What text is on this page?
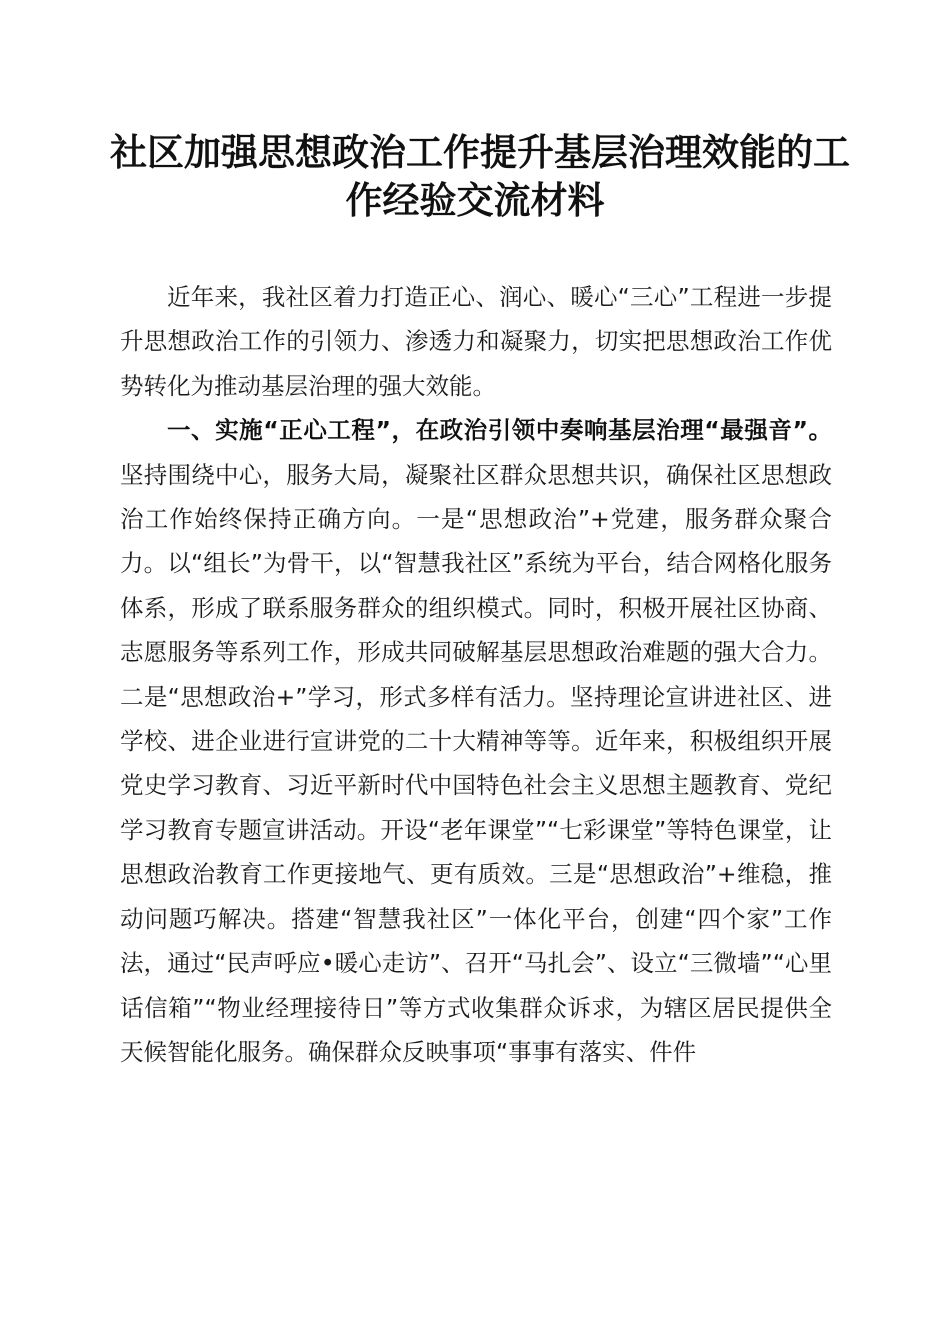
社区加强思想政治工作提升基层治理效能的工
作经验交流材料

近年来，我社区着力打造正心、润心、暖心“三心”工程进一步提升思想政治工作的引领力、渗透力和凝聚力，切实把思想政治工作优势转化为推动基层治理的强大效能。

一、实施“正心工程”，在政治引领中奏响基层治理“最强音”。坚持围绕中心，服务大局，凝聚社区群众思想共识，确保社区思想政治工作始终保持正确方向。一是“思想政治”+党建，服务群众聚合力。以“组长”为骨干，以“智慧我社区”系统为平台，结合网格化服务体系，形成了联系服务群众的组织模式。同时，积极开展社区协商、志愿服务等系列工作，形成共同破解基层思想政治难题的强大合力。二是“思想政治+”学习，形式多样有活力。坚持理论宣讲进社区、进学校、进企业进行宣讲党的二十大精神等等。近年来，积极组织开展党史学习教育、习近平新时代中国特色社会主义思想主题教育、党纪学习教育专题宣讲活动。开设“老年课堂”“七彩课堂”等特色课堂，让思想政治教育工作更接地气、更有质效。三是“思想政治”+维稳，推动问题巧解决。搭建“智慧我社区”一体化平台，创建“四个家”工作法，通过“民声呼应•暖心走访”、召开“马扎会”、设立“三微墙”“心里话信箱”“物业经理接待日”等方式收集群众诉求，为辖区居民提供全天候智能化服务。确保群众反映事项“事事有落实、件件
